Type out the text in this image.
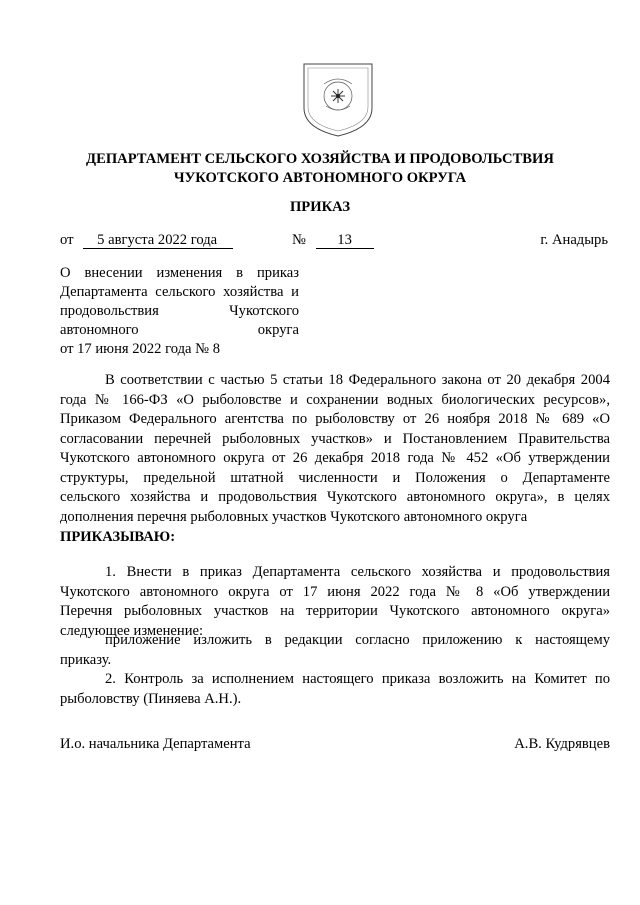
ДЕПАРТАМЕНТ СЕЛЬСКОГО ХОЗЯЙСТВА И ПРОДОВОЛЬСТВИЯ
ЧУКОТСКОГО АВТОНОМНОГО ОКРУГА
ПРИКАЗ
от 5 августа 2022 года	№ 13	г. Анадырь

О внесении изменения в приказ

Департамента сельского хозяйства и

продовольствия Чукотского

автономного округа

от 17 июня 2022 года № 8

В соответствии с частью 5 статьи 18 Федерального закона от 20 декабря 2004

года № 166-ФЗ «О рыболовстве и сохранении водных биологических ресурсов»,

Приказом Федерального агентства по рыболовству от 26 ноября 2018 № 689 «О

согласовании перечней рыболовных участков» и Постановлением Правительства

Чукотского автономного округа от 26 декабря 2018 года № 452 «Об утверждении

структуры, предельной штатной численности и Положения о Департаменте

сельского хозяйства и продовольствия Чукотского автономного округа», в целях

дополнения перечня рыболовных участков Чукотского автономного округа

ПРИКАЗЫВАЮ:

1. Внести в приказ Департамента сельского хозяйства и продовольствия

Чукотского автономного округа от 17 июня 2022 года № 8 «Об утверждении

Перечня рыболовных участков на территории Чукотского автономного округа»

следующее изменение:

приложение изложить в редакции согласно приложению к настоящему

приказу.

2. Контроль за исполнением настоящего приказа возложить на Комитет по

рыболовству (Пиняева А.Н.).

И.о. начальника Департамента	А.В. Кудрявцев
